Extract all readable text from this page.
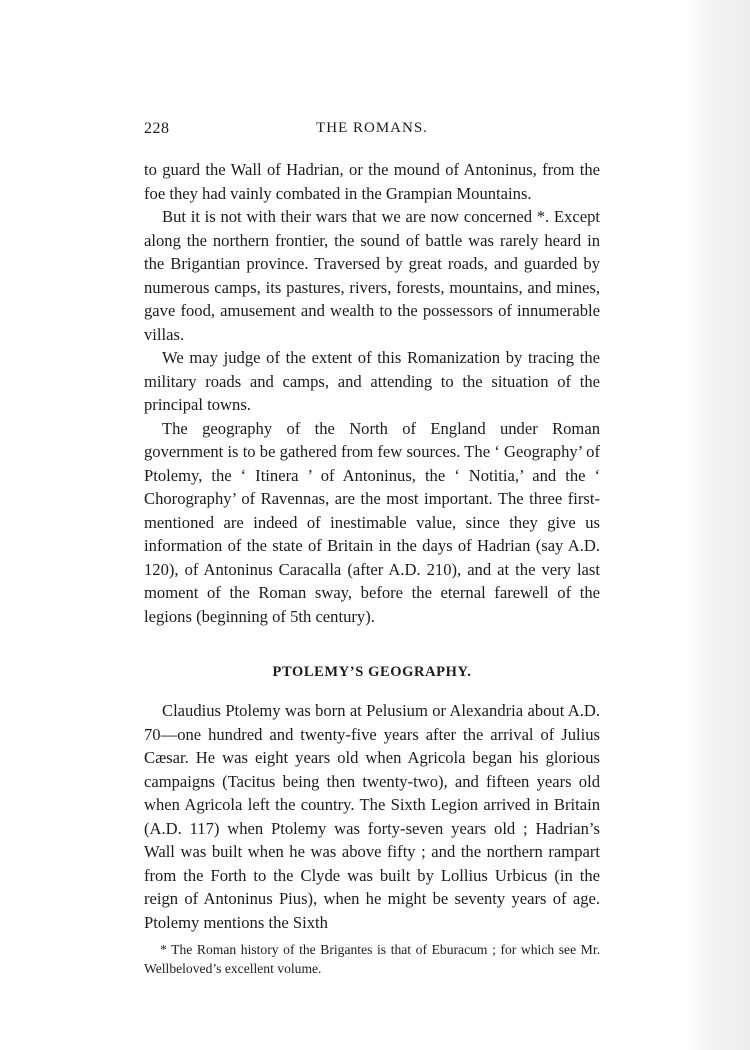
228	THE ROMANS.

to guard the Wall of Hadrian, or the mound of Antoninus, from the foe they had vainly combated in the Grampian Mountains.

But it is not with their wars that we are now concerned *. Except along the northern frontier, the sound of battle was rarely heard in the Brigantian province. Traversed by great roads, and guarded by numerous camps, its pastures, rivers, forests, mountains, and mines, gave food, amusement and wealth to the possessors of innumerable villas.

We may judge of the extent of this Romanization by tracing the military roads and camps, and attending to the situation of the principal towns.

The geography of the North of England under Roman government is to be gathered from few sources. The ‘ Geography’ of Ptolemy, the ‘ Itinera ’ of Antoninus, the ‘ Notitia,’ and the ‘ Chorography’ of Ravennas, are the most important. The three first-mentioned are indeed of inestimable value, since they give us information of the state of Britain in the days of Hadrian (say A.D. 120), of Antoninus Caracalla (after A.D. 210), and at the very last moment of the Roman sway, before the eternal farewell of the legions (beginning of 5th century).

PTOLEMY’S GEOGRAPHY.

Claudius Ptolemy was born at Pelusium or Alexandria about A.D. 70—one hundred and twenty-five years after the arrival of Julius Cæsar. He was eight years old when Agricola began his glorious campaigns (Tacitus being then twenty-two), and fifteen years old when Agricola left the country. The Sixth Legion arrived in Britain (A.D. 117) when Ptolemy was forty-seven years old ; Hadrian’s Wall was built when he was above fifty ; and the northern rampart from the Forth to the Clyde was built by Lollius Urbicus (in the reign of Antoninus Pius), when he might be seventy years of age. Ptolemy mentions the Sixth

* The Roman history of the Brigantes is that of Eburacum ; for which see Mr. Wellbeloved’s excellent volume.
